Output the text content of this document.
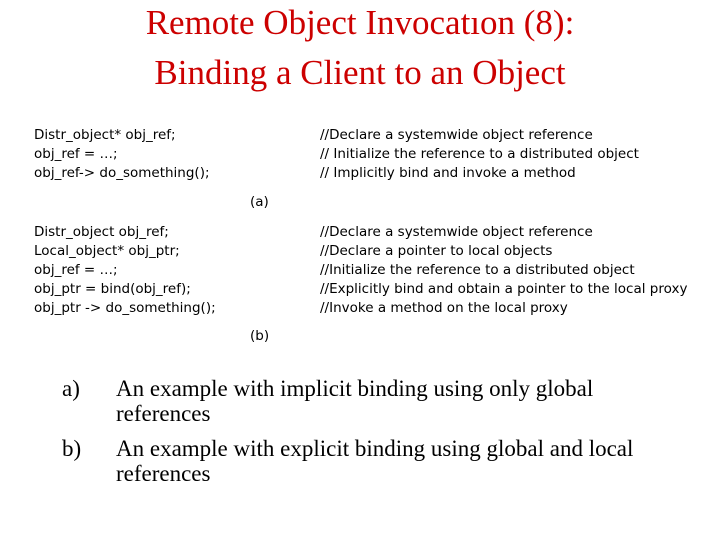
Remote Object Invocatıon (8):
Binding a Client to an Object
Distr_object* obj_ref;
obj_ref = …;
obj_ref-> do_something();
//Declare a systemwide object reference
// Initialize the reference to a distributed object
// Implicitly bind and invoke a method
(a)
Distr_object obj_ref;
Local_object* obj_ptr;
obj_ref = …;
obj_ptr = bind(obj_ref);
obj_ptr -> do_something();
//Declare a systemwide object reference
//Declare a pointer to local objects
//Initialize the reference to a distributed object
//Explicitly bind and obtain a pointer to the local proxy
//Invoke a method on the local proxy
(b)
a)	An example with implicit binding using only global references
b)	An example with explicit binding using global and local references
